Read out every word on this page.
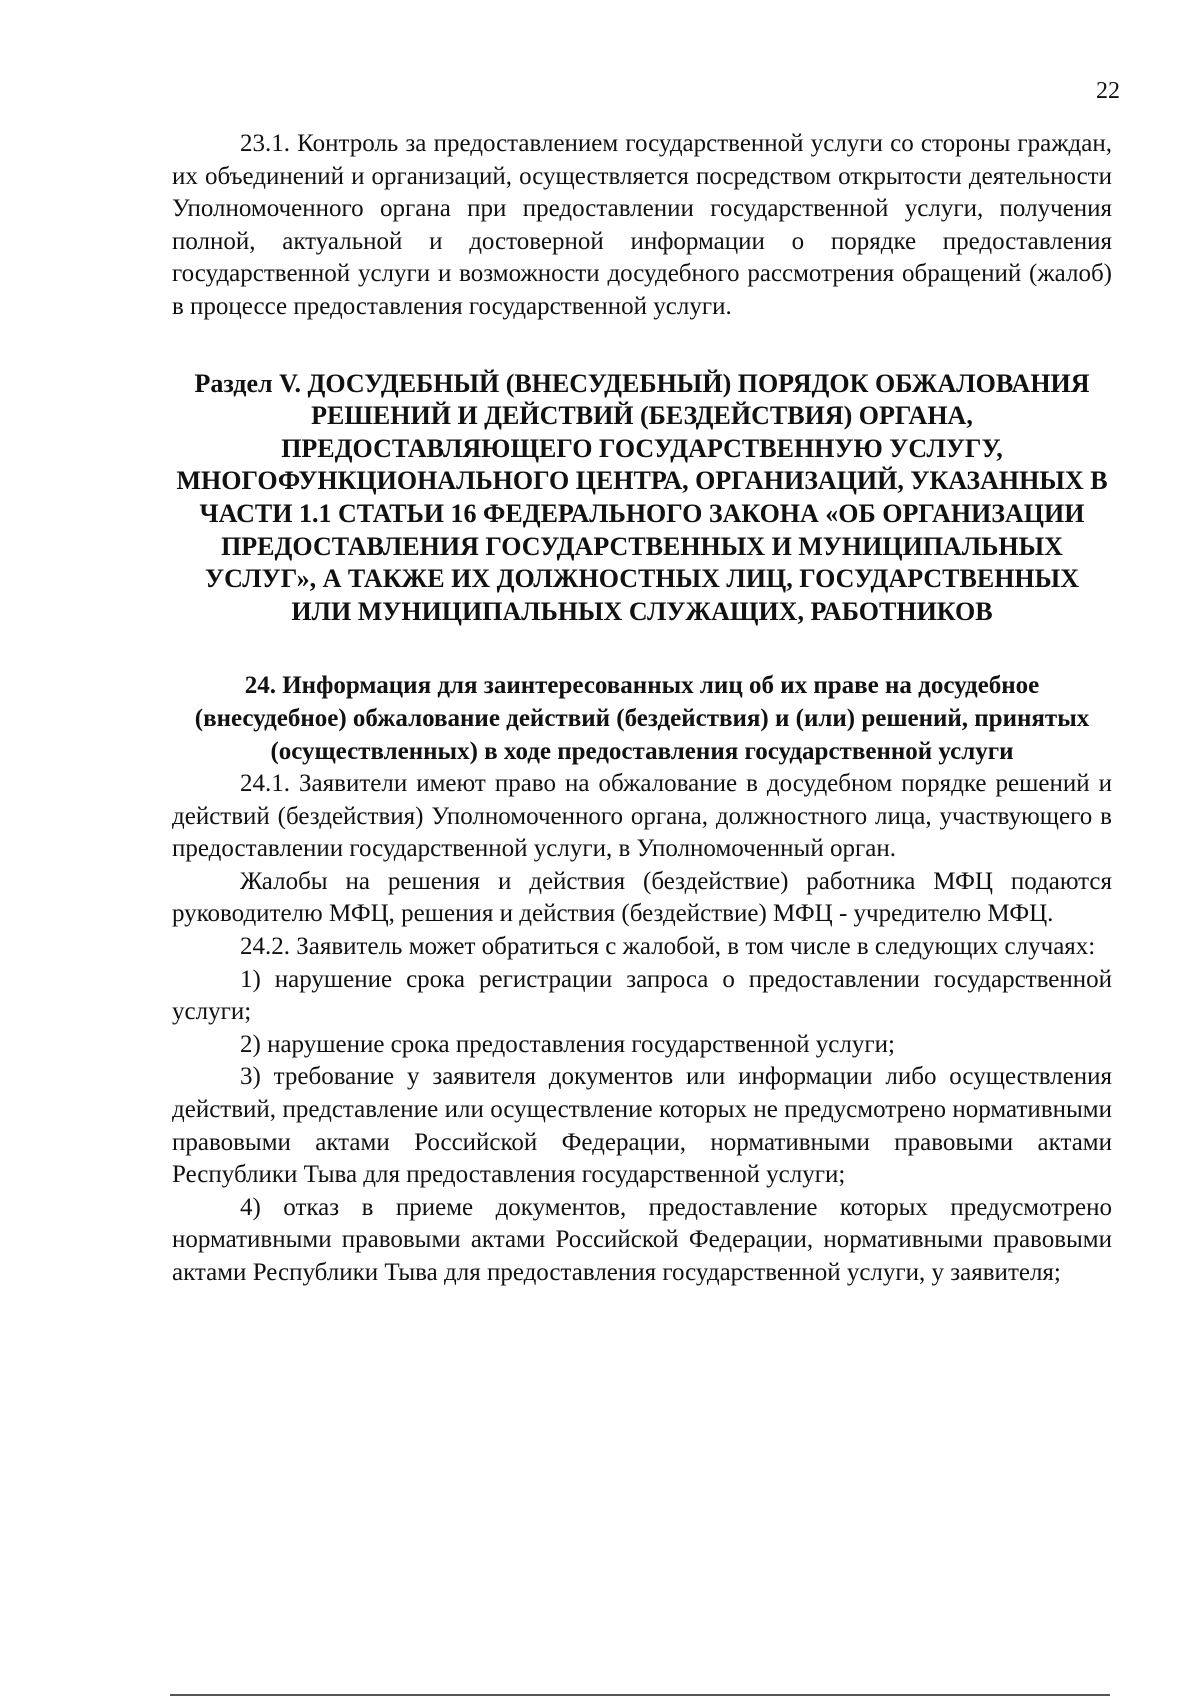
22

23.1. Контроль за предоставлением государственной услуги со стороны граждан, их объединений и организаций, осуществляется посредством открытости деятельности Уполномоченного органа при предоставлении государственной услуги, получения полной, актуальной и достоверной информации о порядке предоставления государственной услуги и возможности досудебного рассмотрения обращений (жалоб) в процессе предоставления государственной услуги.

Раздел V. ДОСУДЕБНЫЙ (ВНЕСУДЕБНЫЙ) ПОРЯДОК ОБЖАЛОВАНИЯ РЕШЕНИЙ И ДЕЙСТВИЙ (БЕЗДЕЙСТВИЯ) ОРГАНА, ПРЕДОСТАВЛЯЮЩЕГО ГОСУДАРСТВЕННУЮ УСЛУГУ, МНОГОФУНКЦИОНАЛЬНОГО ЦЕНТРА, ОРГАНИЗАЦИЙ, УКАЗАННЫХ В ЧАСТИ 1.1 СТАТЬИ 16 ФЕДЕРАЛЬНОГО ЗАКОНА «ОБ ОРГАНИЗАЦИИ ПРЕДОСТАВЛЕНИЯ ГОСУДАРСТВЕННЫХ И МУНИЦИПАЛЬНЫХ УСЛУГ», А ТАКЖЕ ИХ ДОЛЖНОСТНЫХ ЛИЦ, ГОСУДАРСТВЕННЫХ ИЛИ МУНИЦИПАЛЬНЫХ СЛУЖАЩИХ, РАБОТНИКОВ
24. Информация для заинтересованных лиц об их праве на досудебное (внесудебное) обжалование действий (бездействия) и (или) решений, принятых (осуществленных) в ходе предоставления государственной услуги

24.1. Заявители имеют право на обжалование в досудебном порядке решений и действий (бездействия) Уполномоченного органа, должностного лица, участвующего в предоставлении государственной услуги, в Уполномоченный орган.

Жалобы на решения и действия (бездействие) работника МФЦ подаются руководителю МФЦ, решения и действия (бездействие) МФЦ - учредителю МФЦ.

24.2. Заявитель может обратиться с жалобой, в том числе в следующих случаях:

1) нарушение срока регистрации запроса о предоставлении государственной услуги;

2) нарушение срока предоставления государственной услуги;

3) требование у заявителя документов или информации либо осуществления действий, представление или осуществление которых не предусмотрено нормативными правовыми актами Российской Федерации, нормативными правовыми актами Республики Тыва для предоставления государственной услуги;

4) отказ в приеме документов, предоставление которых предусмотрено нормативными правовыми актами Российской Федерации, нормативными правовыми актами Республики Тыва для предоставления государственной услуги, у заявителя;
